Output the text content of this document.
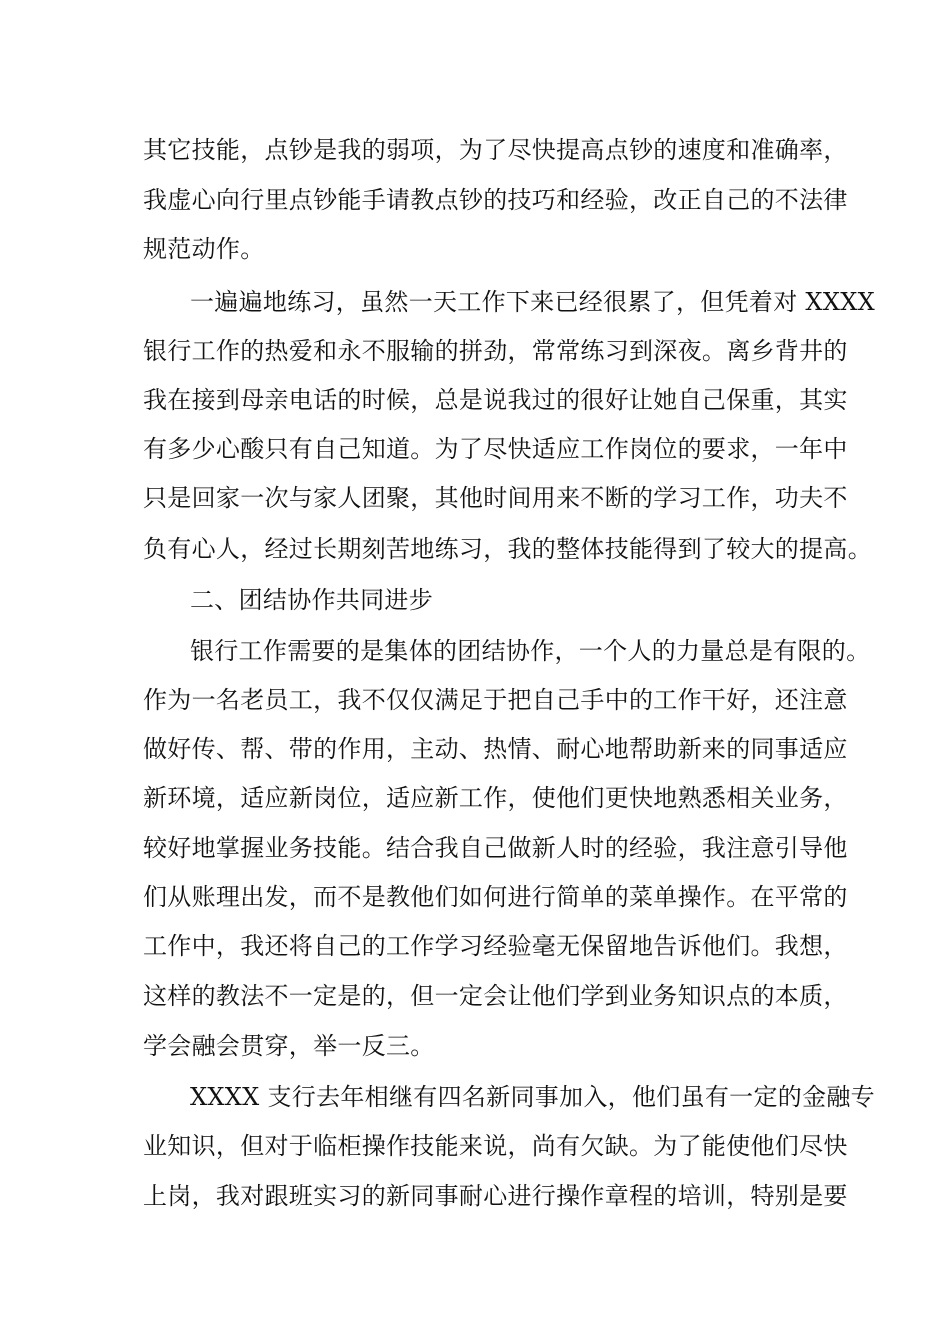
其它技能，点钞是我的弱项，为了尽快提高点钞的速度和准确率，
我虚心向行里点钞能手请教点钞的技巧和经验，改正自己的不法律
规范动作。
一遍遍地练习，虽然一天工作下来已经很累了，但凭着对 XXXX
银行工作的热爱和永不服输的拼劲，常常练习到深夜。离乡背井的
我在接到母亲电话的时候，总是说我过的很好让她自己保重，其实
有多少心酸只有自己知道。为了尽快适应工作岗位的要求，一年中
只是回家一次与家人团聚，其他时间用来不断的学习工作，功夫不
负有心人，经过长期刻苦地练习，我的整体技能得到了较大的提高。
二、团结协作共同进步
银行工作需要的是集体的团结协作，一个人的力量总是有限的。
作为一名老员工，我不仅仅满足于把自己手中的工作干好，还注意
做好传、帮、带的作用，主动、热情、耐心地帮助新来的同事适应
新环境，适应新岗位，适应新工作，使他们更快地熟悉相关业务，
较好地掌握业务技能。结合我自己做新人时的经验，我注意引导他
们从账理出发，而不是教他们如何进行简单的菜单操作。在平常的
工作中，我还将自己的工作学习经验毫无保留地告诉他们。我想，
这样的教法不一定是的，但一定会让他们学到业务知识点的本质，
学会融会贯穿，举一反三。
XXXX 支行去年相继有四名新同事加入，他们虽有一定的金融专
业知识，但对于临柜操作技能来说，尚有欠缺。为了能使他们尽快
上岗，我对跟班实习的新同事耐心进行操作章程的培训，特别是要
